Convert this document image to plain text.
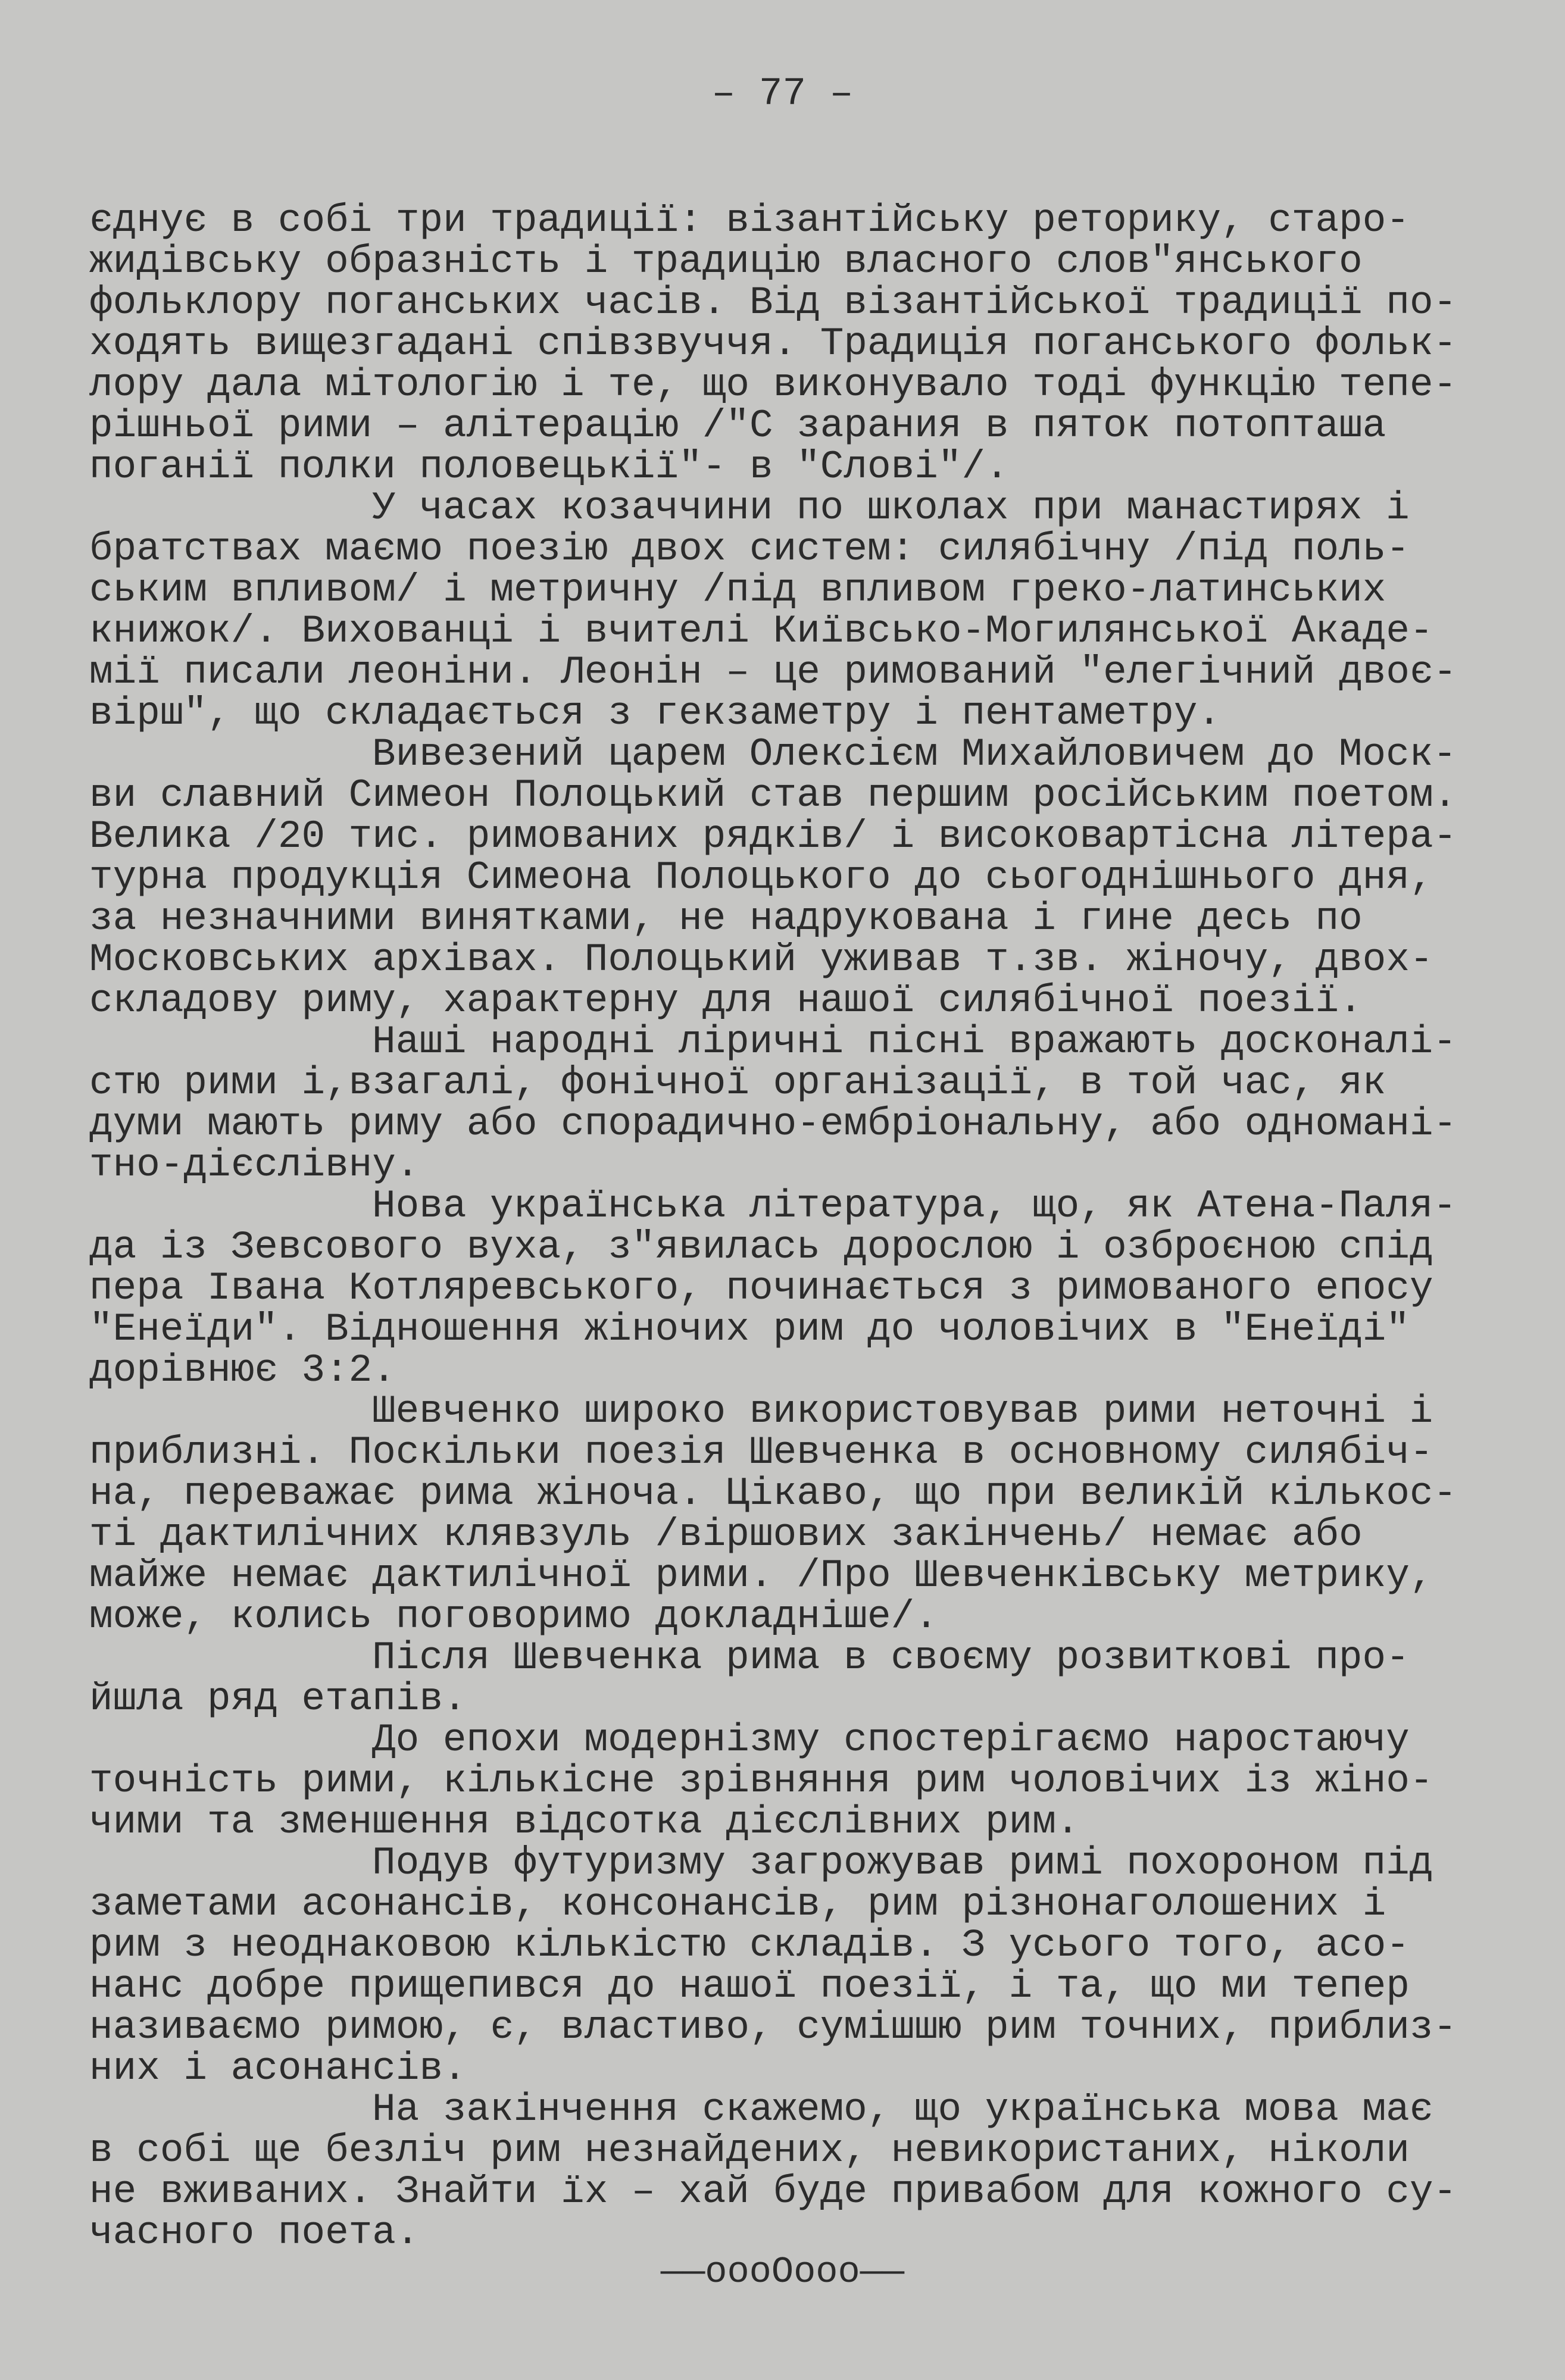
– 77 –
єднує в собі три традиції: візантійську реторику, старо-
жидівську образність і традицію власного слов"янського
фольклору поганських часів. Від візантійської традиції по-
ходять вищезгадані співзвуччя. Традиція поганського фольк-
лору дала мітологію і те, що виконувало тоді функцію тепе-
рішньої рими – алітерацію /"С зарания в пяток потопташа
поганії полки половецькії"- в "Слові"/.
У часах козаччини по школах при манастирях і
братствах маємо поезію двох систем: силябічну /під поль-
ським впливом/ і метричну /під впливом греко-латинських
книжок/. Вихованці і вчителі Київсько-Могилянської Акаде-
мії писали леоніни. Леонін – це римований "елегічний двоє-
вірш", що складається з гекзаметру і пентаметру.
Вивезений царем Олексієм Михайловичем до Моск-
ви славний Симеон Полоцький став першим російським поетом.
Велика /20 тис. римованих рядків/ і високовартісна літера-
турна продукція Симеона Полоцького до сьогоднішнього дня,
за незначними винятками, не надрукована і гине десь по
Московських архівах. Полоцький уживав т.зв. жіночу, двох-
складову риму, характерну для нашої силябічної поезії.
Наші народні ліричні пісні вражають досконалі-
стю рими і,взагалі, фонічної організації, в той час, як
думи мають риму або спорадично-ембріональну, або одномані-
тно-дієслівну.
Нова українська література, що, як Атена-Паля-
да із Зевсового вуха, з"явилась дорослою і озброєною спід
пера Івана Котляревського, починається з римованого епосу
"Енеїди". Відношення жіночих рим до чоловічих в "Енеїді"
дорівнює 3:2.
Шевченко широко використовував рими неточні і
приблизні. Поскільки поезія Шевченка в основному силябіч-
на, переважає рима жіноча. Цікаво, що при великій кількос-
ті дактилічних клявзуль /віршових закінчень/ немає або
майже немає дактилічної рими. /Про Шевченківську метрику,
може, колись поговоримо докладніше/.
Після Шевченка рима в своєму розвиткові про-
йшла ряд етапів.
До епохи модернізму спостерігаємо наростаючу
точність рими, кількісне зрівняння рим чоловічих із жіно-
чими та зменшення відсотка дієслівних рим.
Подув футуризму загрожував римі похороном під
заметами асонансів, консонансів, рим різнонаголошених і
рим з неоднаковою кількістю складів. З усього того, асо-
нанс добре прищепився до нашої поезії, і та, що ми тепер
називаємо римою, є, властиво, сумішшю рим точних, приблиз-
них і асонансів.
На закінчення скажемо, що українська мова має
в собі ще безліч рим незнайдених, невикористаних, ніколи
не вживаних. Знайти їх – хай буде привабом для кожного су-
часного поета.
——oooOooo——
